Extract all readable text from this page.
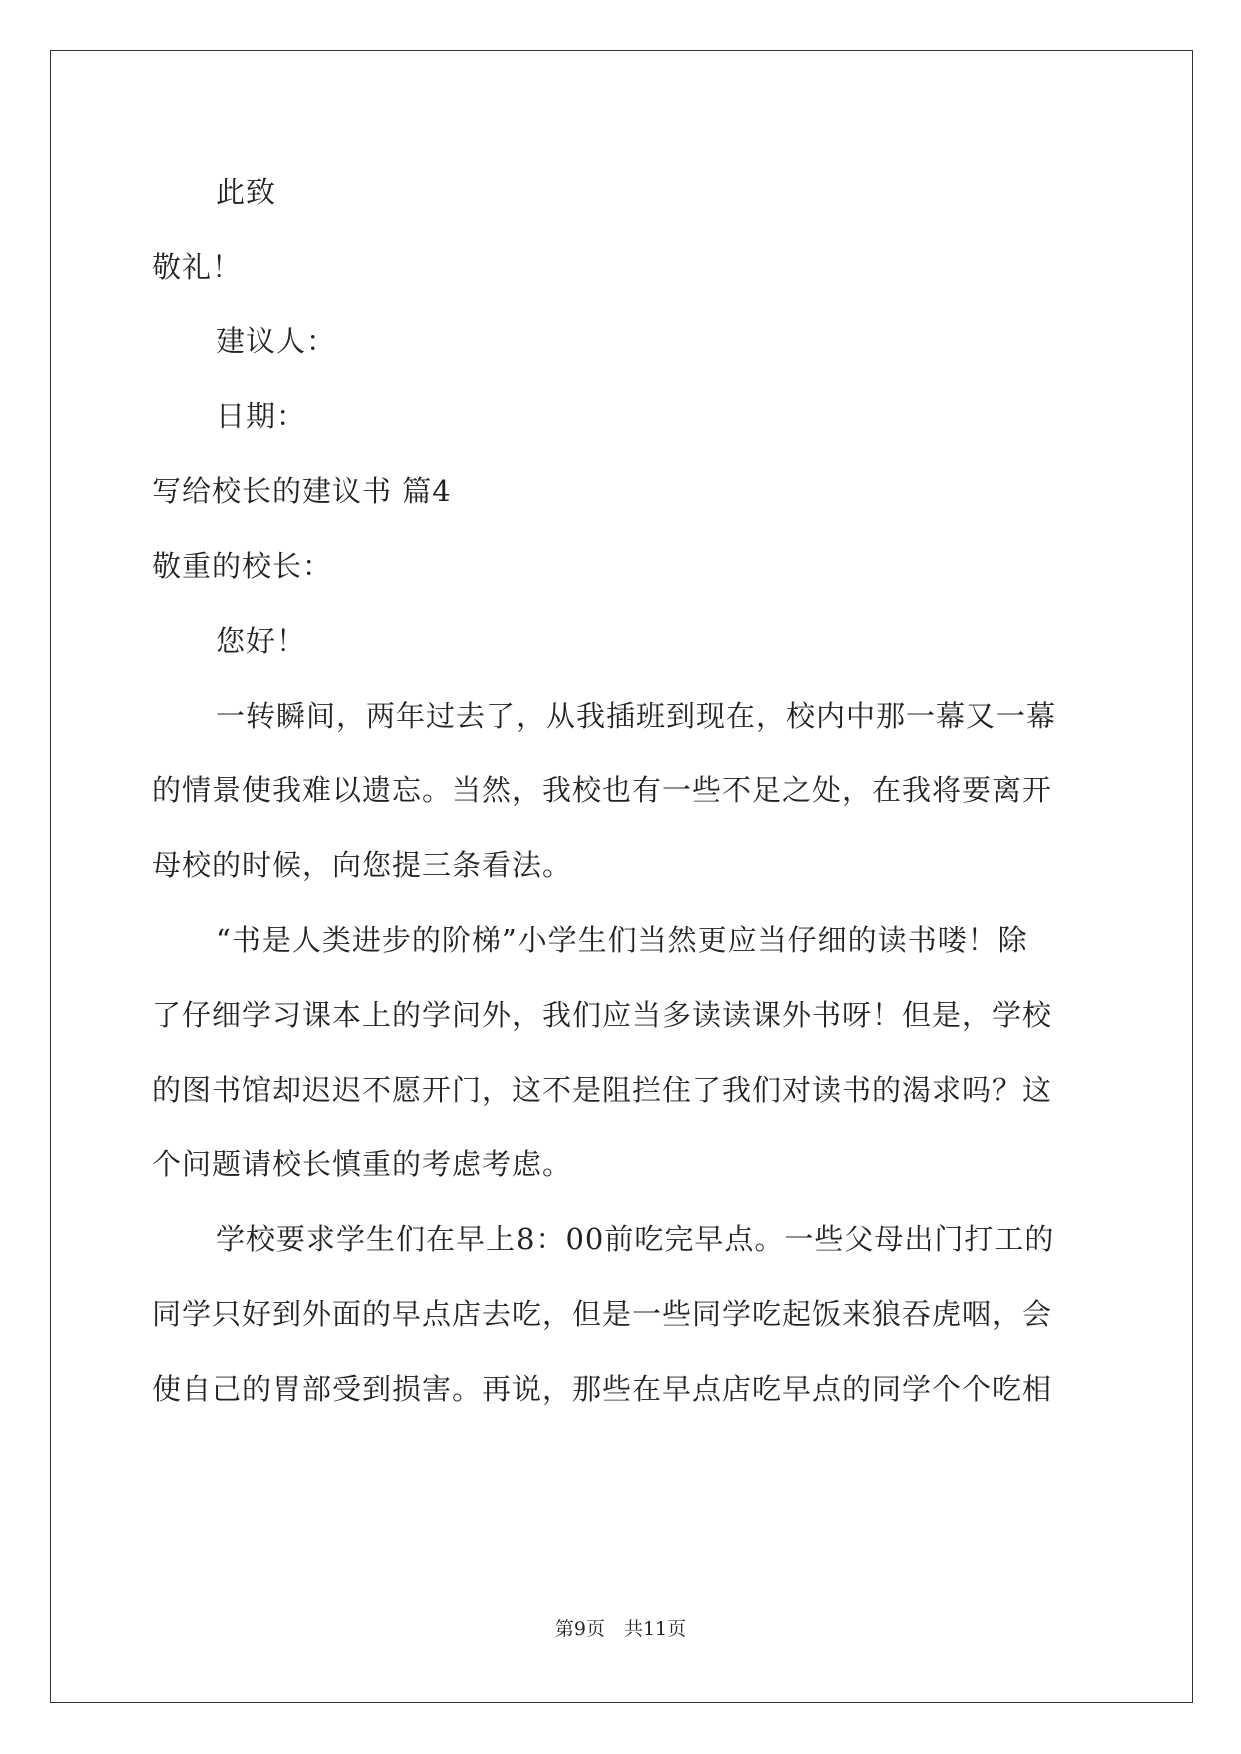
此致
敬礼！
建议人：
日期：
写给校长的建议书 篇4
敬重的校长：
您好！
一转瞬间，两年过去了，从我插班到现在，校内中那一幕又一幕
的情景使我难以遗忘。当然，我校也有一些不足之处，在我将要离开
母校的时候，向您提三条看法。
“书是人类进步的阶梯”小学生们当然更应当仔细的读书喽！除
了仔细学习课本上的学问外，我们应当多读读课外书呀！但是，学校
的图书馆却迟迟不愿开门，这不是阻拦住了我们对读书的渴求吗？这
个问题请校长慎重的考虑考虑。
学校要求学生们在早上8：00前吃完早点。一些父母出门打工的
同学只好到外面的早点店去吃，但是一些同学吃起饭来狼吞虎咽，会
使自己的胃部受到损害。再说，那些在早点店吃早点的同学个个吃相
第9页　共11页
